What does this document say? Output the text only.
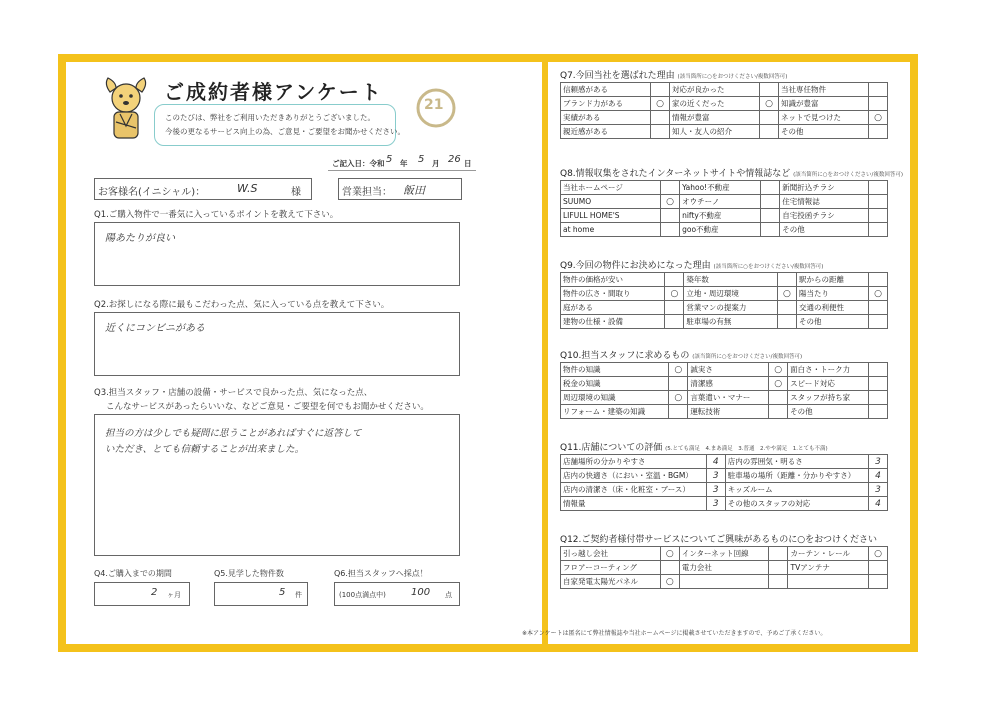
ご成約者様アンケート
このたびは、弊社をご利用いただきありがとうございました。
今後の更なるサービス向上の為、ご意見・ご要望をお聞かせください。
21
ご記入日：令和 5 年 5 月 26 日
お客様名(イニシャル)：	W.S	様	営業担当： 飯田
Q1.ご購入物件で一番気に入っているポイントを教えて下さい。
陽あたりが良い
Q2.お探しになる際に最もこだわった点、気に入っている点を教えて下さい。
近くにコンビニがある
Q3.担当スタッフ・店舗の設備・サービスで良かった点、気になった点、
こんなサービスがあったらいいな、などご意見・ご要望を何でもお聞かせください。
担当の方は少しでも疑問に思うことがあればすぐに返答して
いただき、とても信頼することが出来ました。
Q4.ご購入までの期間
2 ヶ月
Q5.見学した物件数
5 件
Q6.担当スタッフへ採点！
(100点満点中)	100 点
Q7.今回当社を選ばれた理由 (該当箇所に○をおつけください/複数回答可)
信頼感がある		対応が良かった		当社専任物件	
ブランド力がある	○	家の近くだった	○	知識が豊富	
実績がある		情報が豊富		ネットで見つけた	○
親近感がある		知人・友人の紹介		その他	
Q8.情報収集をされたインターネットサイトや情報誌など (該当箇所に○をおつけください/複数回答可)
当社ホームページ		Yahoo!不動産		新聞折込チラシ	
SUUMO	○	オウチーノ		住宅情報誌	
LIFULL HOME'S		nifty不動産		自宅投函チラシ	
at home		goo不動産		その他	
Q9.今回の物件にお決めになった理由 (該当箇所に○をおつけください/複数回答可)
物件の価格が安い		築年数		駅からの距離	
物件の広さ・間取り	○	立地・周辺環境	○	陽当たり	○
庭がある		営業マンの提案力		交通の利便性	
建物の仕様・設備		駐車場の有無		その他	
Q10.担当スタッフに求めるもの (該当箇所に○をおつけください/複数回答可)
物件の知識	○	誠実さ	○	面白さ・トーク力	
税金の知識		清潔感	○	スピード対応	
周辺環境の知識	○	言葉遣い・マナー		スタッフが持ち家	
リフォーム・建築の知識		運転技術		その他	
Q11.店舗についての評価 (5.とても満足　4.まあ満足　3.普通　2.やや満足　1.とても不満)
店舗場所の分かりやすさ	4	店内の雰囲気・明るさ	3
店内の快適さ（におい・室温・BGM）	3	駐車場の場所（距離・分かりやすさ）	4
店内の清潔さ（床・化粧室・ブース）	3	キッズルーム	3
情報量	3	その他のスタッフの対応	4
Q12.ご契約者様付帯サービスについてご興味があるものに○をおつけください
引っ越し会社	○	インターネット回線		カーテン・レール	○
フロアーコーティング		電力会社		TVアンテナ	
自家発電太陽光パネル	○				
※本アンケートは匿名にて弊社情報誌や当社ホームページに掲載させていただきますので、予めご了承ください。
